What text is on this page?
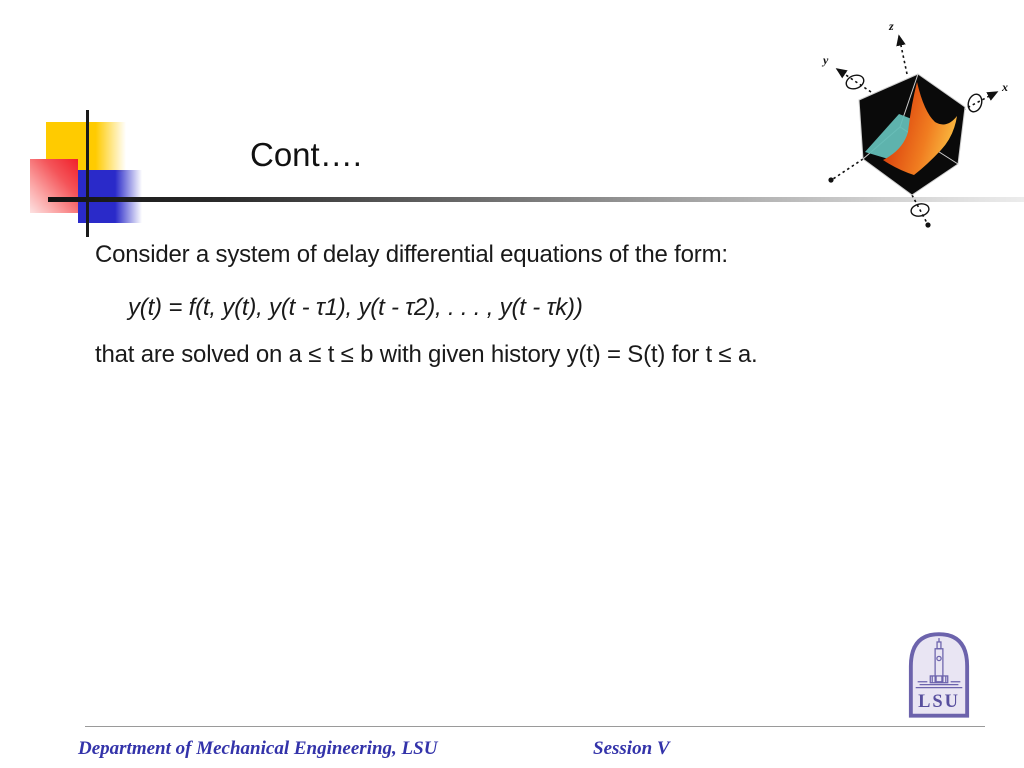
Cont….
z
y
x
Consider a system of delay differential equations of the form:
y(t) = f(t, y(t), y(t - τ1), y(t - τ2), . . . , y(t - τk))
that are solved on a ≤ t ≤ b with given history y(t) = S(t) for t ≤ a.
LSU
Department of Mechanical Engineering, LSU	Session V
